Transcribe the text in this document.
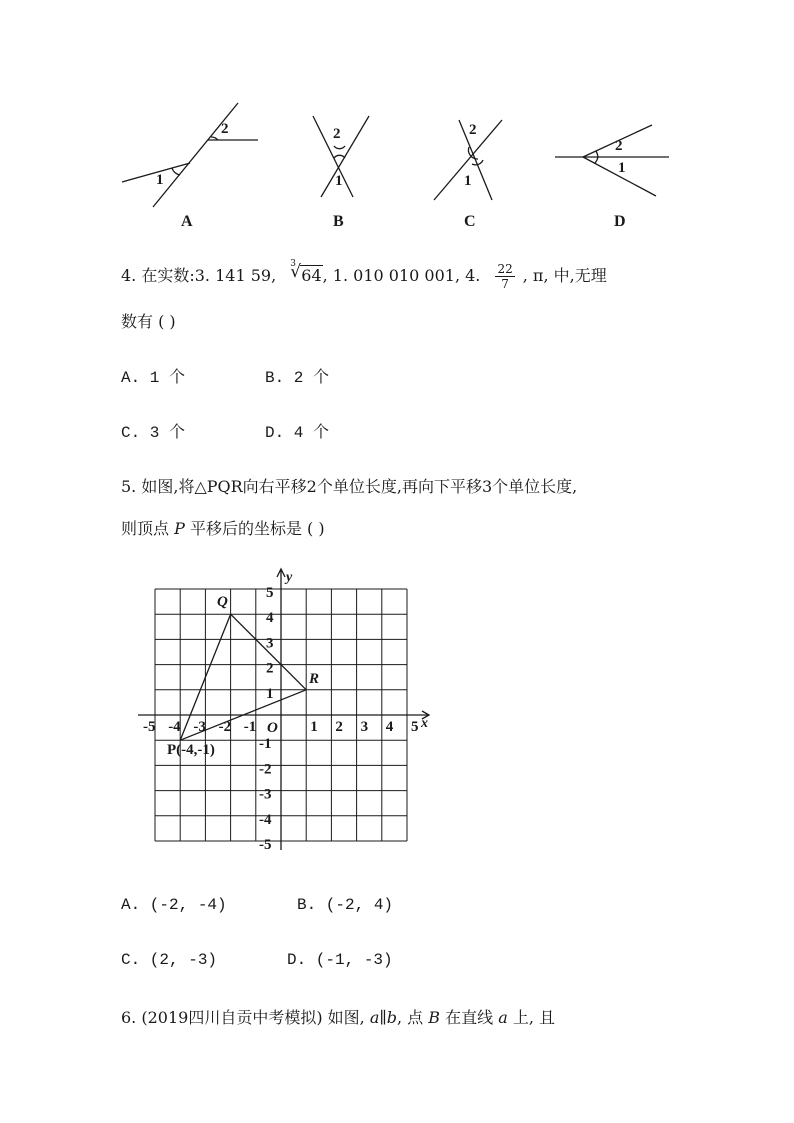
1
2	2
1
2
1
2
1
A	B	C	D
4. 在实数:3. 141 59,
3
√ 64, 1. 010 010 001, 4. $\frac{22}{7}$ , π, 中,无理
数有 ( )
A. 1 个	B. 2 个
C. 3 个	D. 4 个
5. 如图,将△PQR向右平移2个单位长度,再向下平移3个单位长度,
则顶点 P 平移后的坐标是 ( )
-5 -4 -3 -2 -1	1 2 3 4 5
1
2
3
4
5
-1
-2
-3
-4
-5
x
y
O
Q
R
P(-4,-1)
A. (-2, -4)	B. (-2, 4)
C. (2, -3)	D. (-1, -3)
6. (2019四川自贡中考模拟) 如图, a∥b, 点 B 在直线 a 上, 且
